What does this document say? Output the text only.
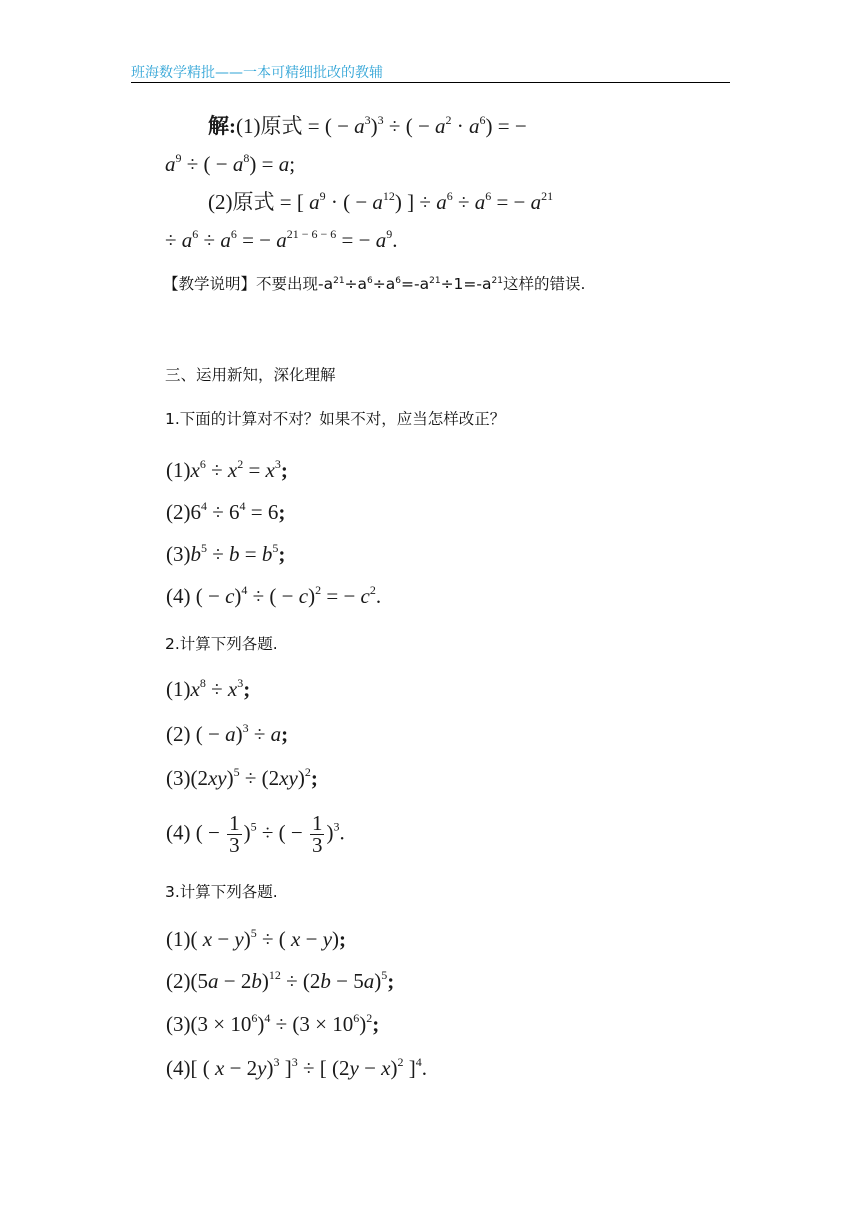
班海数学精批——一本可精细批改的教辅
解:(1)原式 = ( − $a^3)^3$ ÷ ( − $a^2 \cdot a^6$) = −
$a^9$ ÷ ( − $a^8) = a$;
(2)原式 = [ $a^9$ · ( − $a^{12}$) ] ÷ $a^6 \div a^6$ = − $a^{21}$
÷ $a^6 \div a^6$ = − $a^{21 - 6 - 6}$ = − $a^9$.
【教学说明】不要出现$-a^{21}\div a^6\div a^6=-a^{21}\div 1=-a^{21}$这样的错误.
三、运用新知，深化理解
1.下面的计算对不对？如果不对，应当怎样改正？
$(1)x^6 \div x^2 = x^3$;
$(2)6^4 \div 6^4 = 6$;
$(3)b^5 \div b = b^5$;
(4) ( − c)$^4$ ÷ ( − c)$^2$ = − $c^2$.
2.计算下列各题.
$(1)x^8 \div x^3$;
(2) ( − a)$^3$ ÷ a;
$(3)(2xy)^5 \div (2xy)^2$;
(4) ( − $\frac{1}{3} )^5$ ÷ ( − $\frac{1}{3} )^3$.
3.计算下列各题.
(1)( x − y)$^5$ ÷ ( x − y);
$(2)(5a - 2b)^{12} \div (2b - 5a)^5$;
$(3)(3 \times 10^6)^4 \div (3 \times 10^6)^2$;
(4)[ ( x − 2y)$^3$ ]$^3$ ÷ [ $(2y - x)^2$ ]$^4$.
